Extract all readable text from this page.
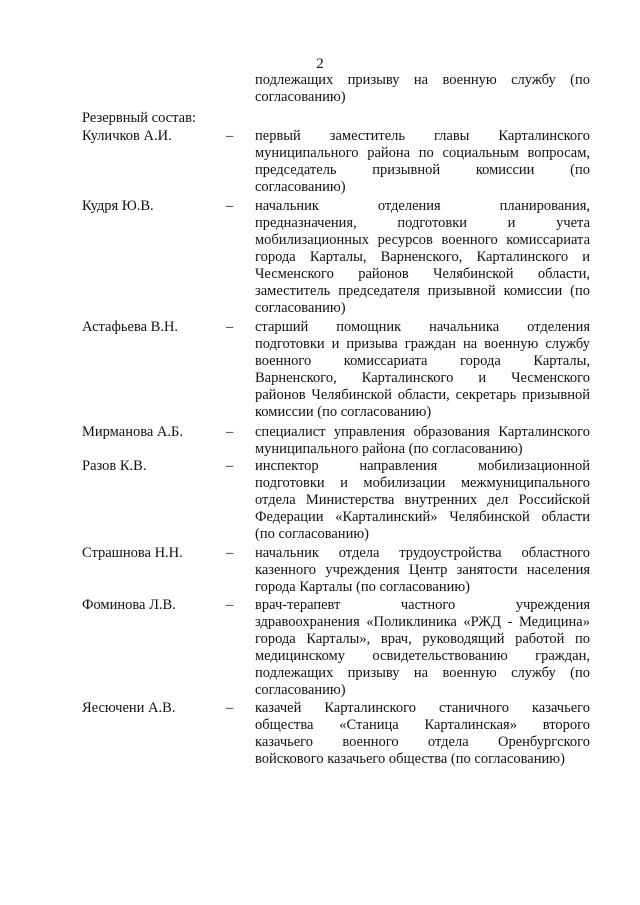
2
подлежащих призыву на военную службу (по
согласованию)
Резервный состав:
Куличков А.И.	– первый заместитель главы Карталинского
муниципального района по социальным вопросам,
председатель призывной комиссии (по
согласованию)
Кудря Ю.В.	– начальник отделения планирования,
предназначения, подготовки и учета
мобилизационных ресурсов военного комиссариата
города Карталы, Варненского, Карталинского и
Чесменского районов Челябинской области,
заместитель председателя призывной комиссии (по
согласованию)
Астафьева В.Н.	– старший помощник начальника отделения
подготовки и призыва граждан на военную службу
военного комиссариата города Карталы,
Варненского, Карталинского и Чесменского
районов Челябинской области, секретарь призывной
комиссии (по согласованию)
Мирманова А.Б.	– специалист управления образования Карталинского
муниципального района (по согласованию)
Разов К.В.	– инспектор направления мобилизационной
подготовки и мобилизации межмуниципального
отдела Министерства внутренних дел Российской
Федерации «Карталинский» Челябинской области
(по согласованию)
Страшнова Н.Н.	– начальник отдела трудоустройства областного
казенного учреждения Центр занятости населения
города Карталы (по согласованию)
Фоминова Л.В.	– врач-терапевт частного учреждения
здравоохранения «Поликлиника «РЖД - Медицина»
города Карталы», врач, руководящий работой по
медицинскому освидетельствованию граждан,
подлежащих призыву на военную службу (по
согласованию)
Яесючени А.В.	– казачей Карталинского станичного казачьего
общества «Станица Карталинская» второго
казачьего военного отдела Оренбургского
войскового казачьего общества (по согласованию)
